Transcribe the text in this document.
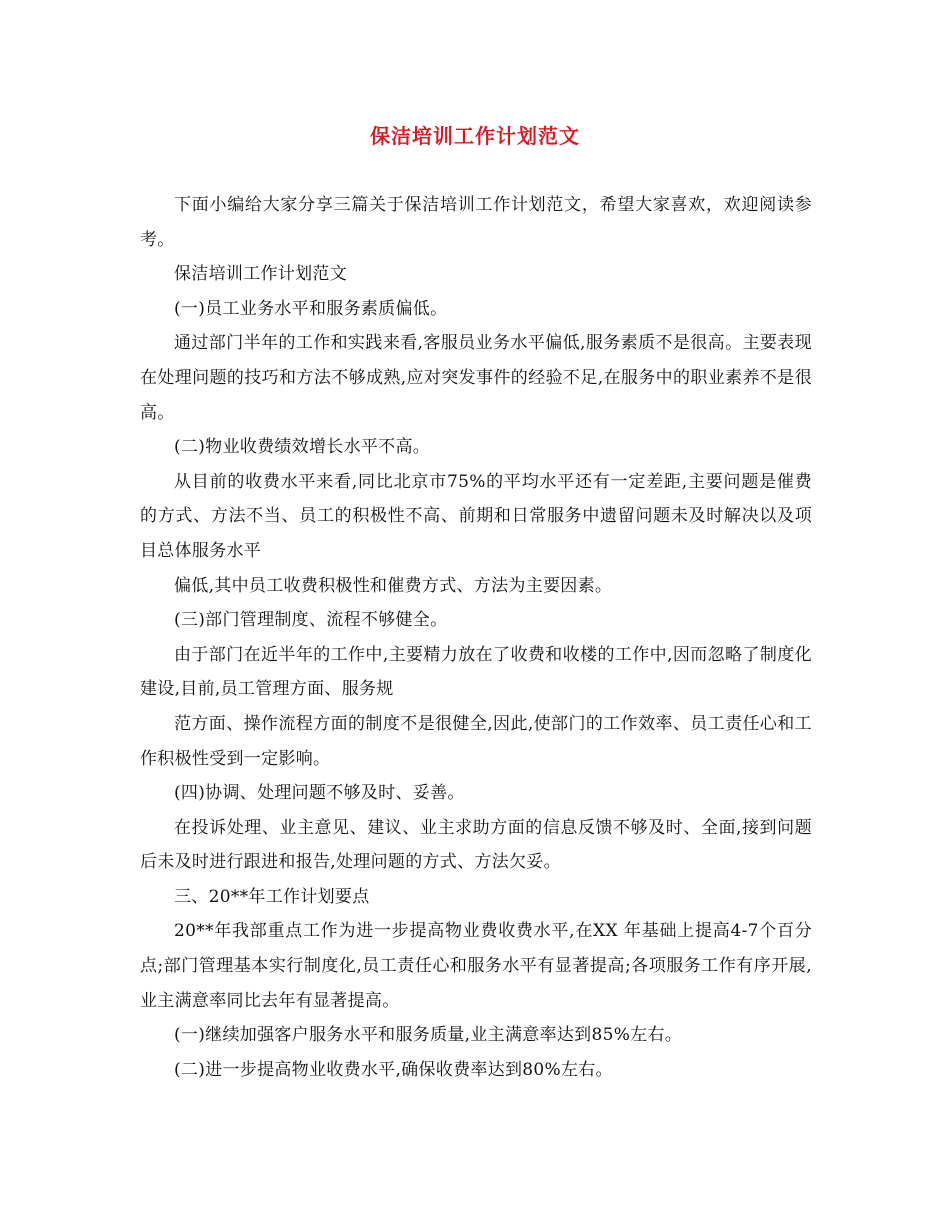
保洁培训工作计划范文

下面小编给大家分享三篇关于保洁培训工作计划范文，希望大家喜欢，欢迎阅读参考。

保洁培训工作计划范文

(一)员工业务水平和服务素质偏低。

通过部门半年的工作和实践来看,客服员业务水平偏低,服务素质不是很高。主要表现在处理问题的技巧和方法不够成熟,应对突发事件的经验不足,在服务中的职业素养不是很高。

(二)物业收费绩效增长水平不高。

从目前的收费水平来看,同比北京市75%的平均水平还有一定差距,主要问题是催费的方式、方法不当、员工的积极性不高、前期和日常服务中遗留问题未及时解决以及项目总体服务水平

偏低,其中员工收费积极性和催费方式、方法为主要因素。

(三)部门管理制度、流程不够健全。

由于部门在近半年的工作中,主要精力放在了收费和收楼的工作中,因而忽略了制度化建设,目前,员工管理方面、服务规

范方面、操作流程方面的制度不是很健全,因此,使部门的工作效率、员工责任心和工作积极性受到一定影响。

(四)协调、处理问题不够及时、妥善。

在投诉处理、业主意见、建议、业主求助方面的信息反馈不够及时、全面,接到问题后未及时进行跟进和报告,处理问题的方式、方法欠妥。

三、20**年工作计划要点

20**年我部重点工作为进一步提高物业费收费水平,在XX 年基础上提高4-7个百分点;部门管理基本实行制度化,员工责任心和服务水平有显著提高;各项服务工作有序开展,业主满意率同比去年有显著提高。

(一)继续加强客户服务水平和服务质量,业主满意率达到85%左右。

(二)进一步提高物业收费水平,确保收费率达到80%左右。
